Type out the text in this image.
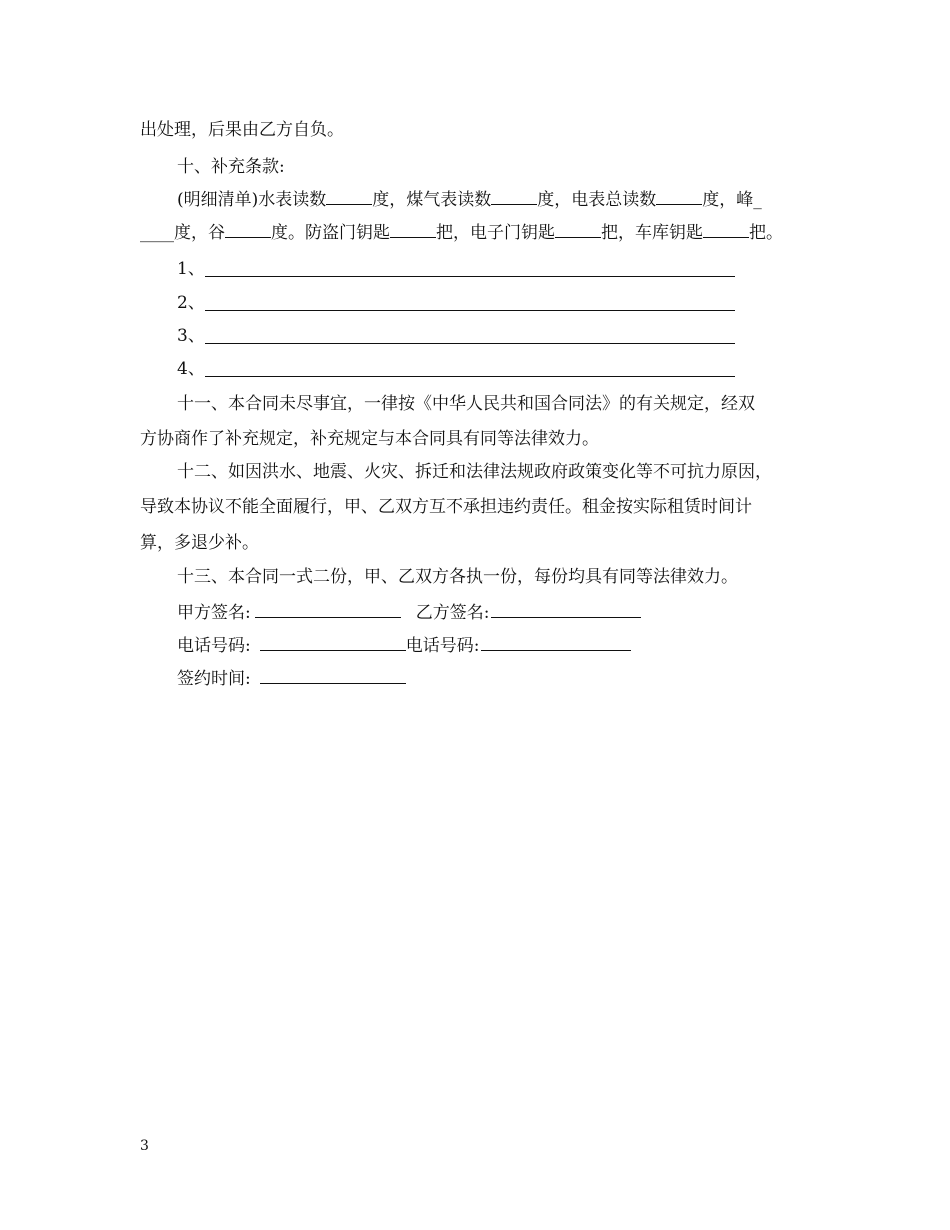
出处理，后果由乙方自负。
十、补充条款:
(明细清单)水表读数	度，煤气表读数	度，电表总读数	度，峰_
____度，谷	度。防盗门钥匙	把，电子门钥匙	把，车库钥匙	把。
1、
2、
3、
4、
十一、本合同未尽事宜，一律按《中华人民共和国合同法》的有关规定，经双
方协商作了补充规定，补充规定与本合同具有同等法律效力。
十二、如因洪水、地震、火灾、拆迁和法律法规政府政策变化等不可抗力原因，
导致本协议不能全面履行，甲、乙双方互不承担违约责任。租金按实际租赁时间计
算，多退少补。
十三、本合同一式二份，甲、乙双方各执一份，每份均具有同等法律效力。
甲方签名:	乙方签名:
电话号码:	电话号码:
签约时间:
3
